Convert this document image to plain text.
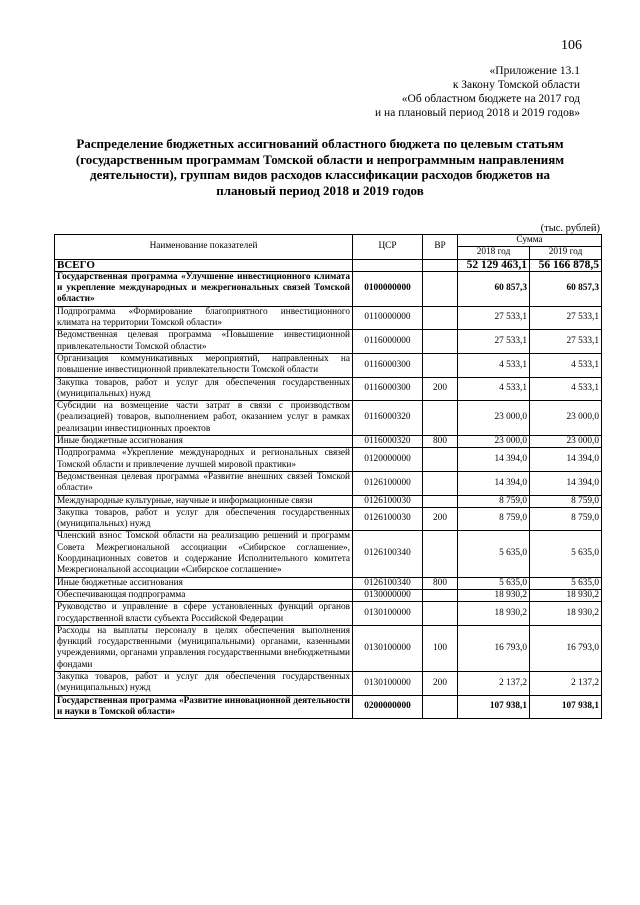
106
«Приложение 13.1
к Закону Томской области
«Об областном бюджете на 2017 год
и на плановый период 2018 и 2019 годов»
Распределение бюджетных ассигнований областного бюджета по целевым статьям (государственным программам Томской области и непрограммным направлениям деятельности), группам видов расходов классификации расходов бюджетов на плановый период 2018 и 2019 годов
(тыс. рублей)
Наименование показателей	ЦСР	ВР	Сумма	
			2018 год	2019 год
ВСЕГО			52 129 463,1	56 166 878,5
Государственная программа «Улучшение инвестиционного климата и укрепление международных и межрегиональных связей Томской области»	0100000000		60 857,3	60 857,3
Подпрограмма «Формирование благоприятного инвестиционного климата на территории Томской области»	0110000000		27 533,1	27 533,1
Ведомственная целевая программа «Повышение инвестиционной привлекательности Томской области»	0116000000		27 533,1	27 533,1
Организация коммуникативных мероприятий, направленных на повышение инвестиционной привлекательности Томской области	0116000300		4 533,1	4 533,1
Закупка товаров, работ и услуг для обеспечения государственных (муниципальных) нужд	0116000300	200	4 533,1	4 533,1
Субсидии на возмещение части затрат в связи с производством (реализацией) товаров, выполнением работ, оказанием услуг в рамках реализации инвестиционных проектов	0116000320		23 000,0	23 000,0
Иные бюджетные ассигнования	0116000320	800	23 000,0	23 000,0
Подпрограмма «Укрепление международных и региональных связей Томской области и привлечение лучшей мировой практики»	0120000000		14 394,0	14 394,0
Ведомственная целевая программа «Развитие внешних связей Томской области»	0126100000		14 394,0	14 394,0
Международные культурные, научные и информационные связи	0126100030		8 759,0	8 759,0
Закупка товаров, работ и услуг для обеспечения государственных (муниципальных) нужд	0126100030	200	8 759,0	8 759,0
Членский взнос Томской области на реализацию решений и программ Совета Межрегиональной ассоциации «Сибирское соглашение», Координационных советов и содержание Исполнительного комитета Межрегиональной ассоциации «Сибирское соглашение»	0126100340		5 635,0	5 635,0
Иные бюджетные ассигнования	0126100340	800	5 635,0	5 635,0
Обеспечивающая подпрограмма	0130000000		18 930,2	18 930,2
Руководство и управление в сфере установленных функций органов государственной власти субъекта Российской Федерации	0130100000		18 930,2	18 930,2
Расходы на выплаты персоналу в целях обеспечения выполнения функций государственными (муниципальными) органами, казенными учреждениями, органами управления государственными внебюджетными фондами	0130100000	100	16 793,0	16 793,0
Закупка товаров, работ и услуг для обеспечения государственных (муниципальных) нужд	0130100000	200	2 137,2	2 137,2
Государственная программа «Развитие инновационной деятельности и науки в Томской области»	0200000000		107 938,1	107 938,1
